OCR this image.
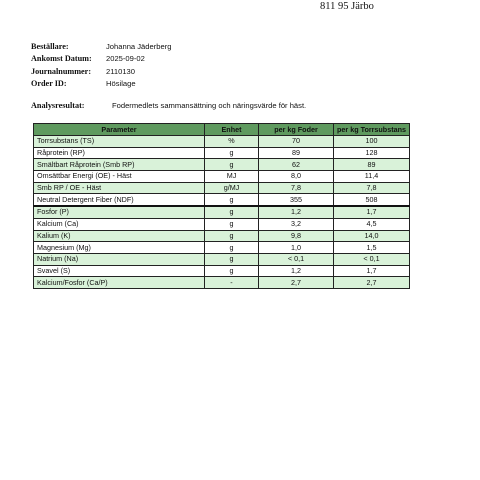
811 95 Järbo
Beställare:	Johanna Jäderberg
Ankomst Datum:	2025-09-02
Journalnummer:	2110130
Order ID:	Hösilage
Analysresultat:	Fodermedlets sammansättning och näringsvärde för häst.
Parameter	Enhet	per kg Foder	per kg Torrsubstans
Torrsubstans (TS)	%	70	100
Råprotein (RP)	g	89	128
Smältbart Råprotein (Smb RP)	g	62	89
Omsättbar Energi (OE) - Häst	MJ	8,0	11,4
Smb RP / OE - Häst	g/MJ	7,8	7,8
Neutral Detergent Fiber (NDF)	g	355	508
Fosfor (P)	g	1,2	1,7
Kalcium (Ca)	g	3,2	4,5
Kalium (K)	g	9,8	14,0
Magnesium (Mg)	g	1,0	1,5
Natrium (Na)	g	< 0,1	< 0,1
Svavel (S)	g	1,2	1,7
Kalcium/Fosfor (Ca/P)	-	2,7	2,7
